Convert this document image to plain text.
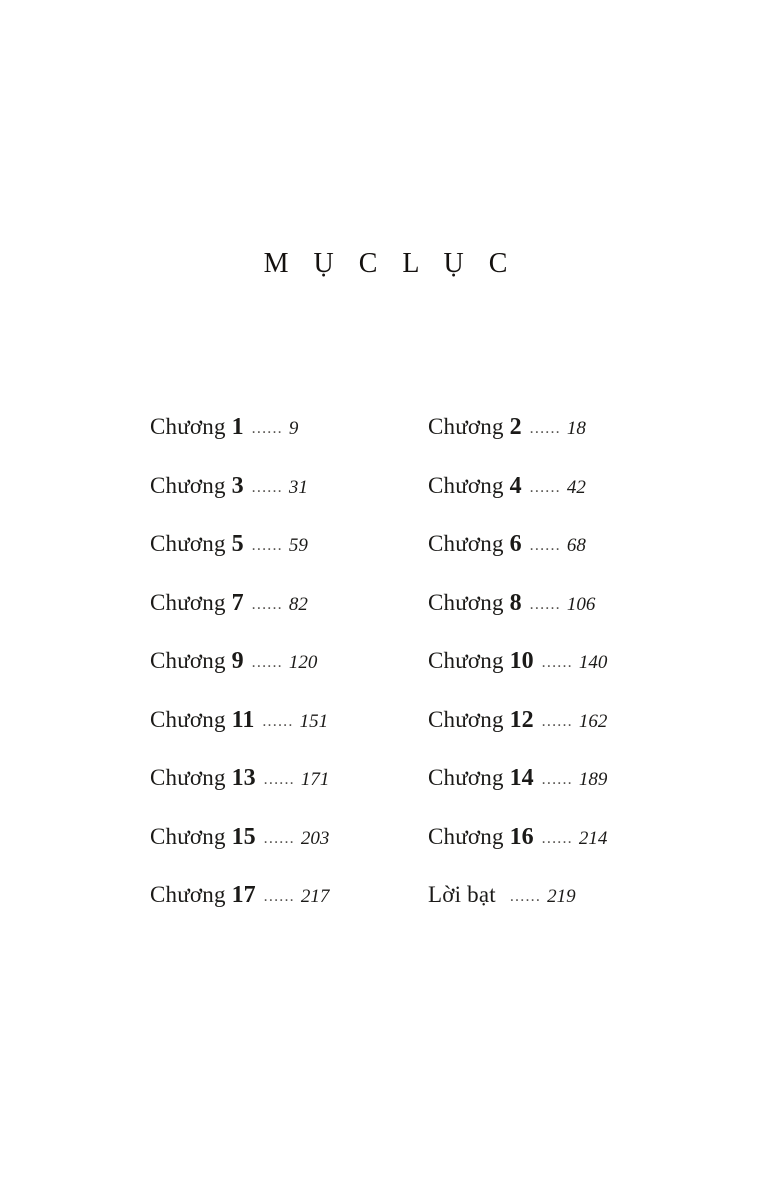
M Ụ C L Ụ C
Chương 1 ...... 9	Chương 2 ...... 18
Chương 3 ...... 31	Chương 4 ...... 42
Chương 5 ...... 59	Chương 6 ...... 68
Chương 7 ...... 82	Chương 8 ...... 106
Chương 9 ...... 120	Chương 10 ...... 140
Chương 11 ...... 151	Chương 12 ...... 162
Chương 13 ...... 171	Chương 14 ...... 189
Chương 15 ...... 203	Chương 16 ...... 214
Chương 17 ...... 217	Lời bạt ...... 219
